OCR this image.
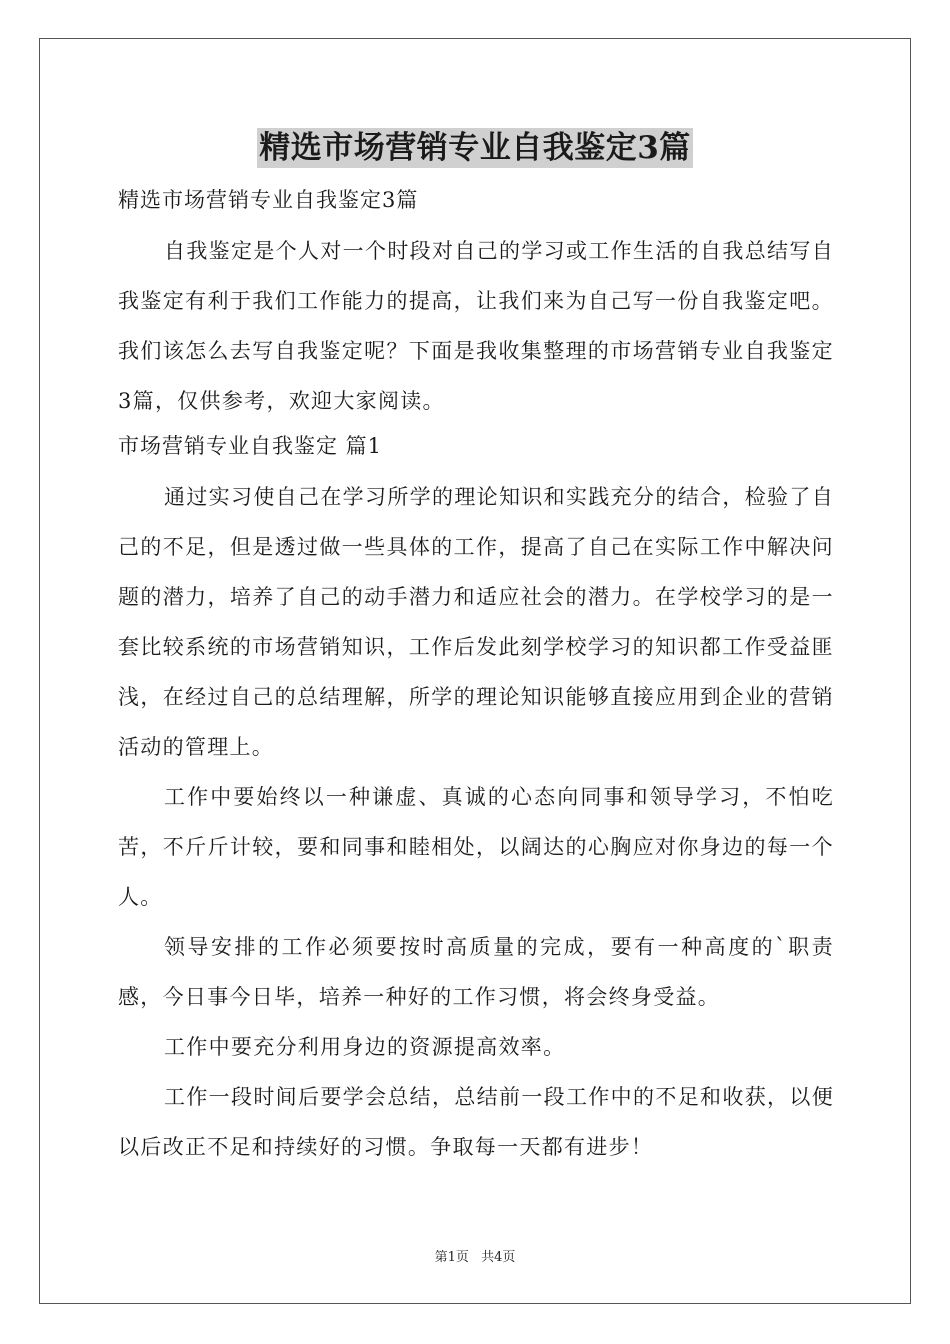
精选市场营销专业自我鉴定3篇

精选市场营销专业自我鉴定3篇

自我鉴定是个人对一个时段对自己的学习或工作生活的自我总结写自我鉴定有利于我们工作能力的提高，让我们来为自己写一份自我鉴定吧。我们该怎么去写自我鉴定呢？下面是我收集整理的市场营销专业自我鉴定3篇，仅供参考，欢迎大家阅读。

市场营销专业自我鉴定 篇1

通过实习使自己在学习所学的理论知识和实践充分的结合，检验了自己的不足，但是透过做一些具体的工作，提高了自己在实际工作中解决问题的潜力，培养了自己的动手潜力和适应社会的潜力。在学校学习的是一套比较系统的市场营销知识，工作后发此刻学校学习的知识都工作受益匪浅，在经过自己的总结理解，所学的理论知识能够直接应用到企业的营销活动的管理上。

工作中要始终以一种谦虚、真诚的心态向同事和领导学习，不怕吃苦，不斤斤计较，要和同事和睦相处，以阔达的心胸应对你身边的每一个人。

领导安排的工作必须要按时高质量的完成，要有一种高度的`职责感，今日事今日毕，培养一种好的工作习惯，将会终身受益。

工作中要充分利用身边的资源提高效率。

工作一段时间后要学会总结，总结前一段工作中的不足和收获，以便以后改正不足和持续好的习惯。争取每一天都有进步！

第1页 共4页
